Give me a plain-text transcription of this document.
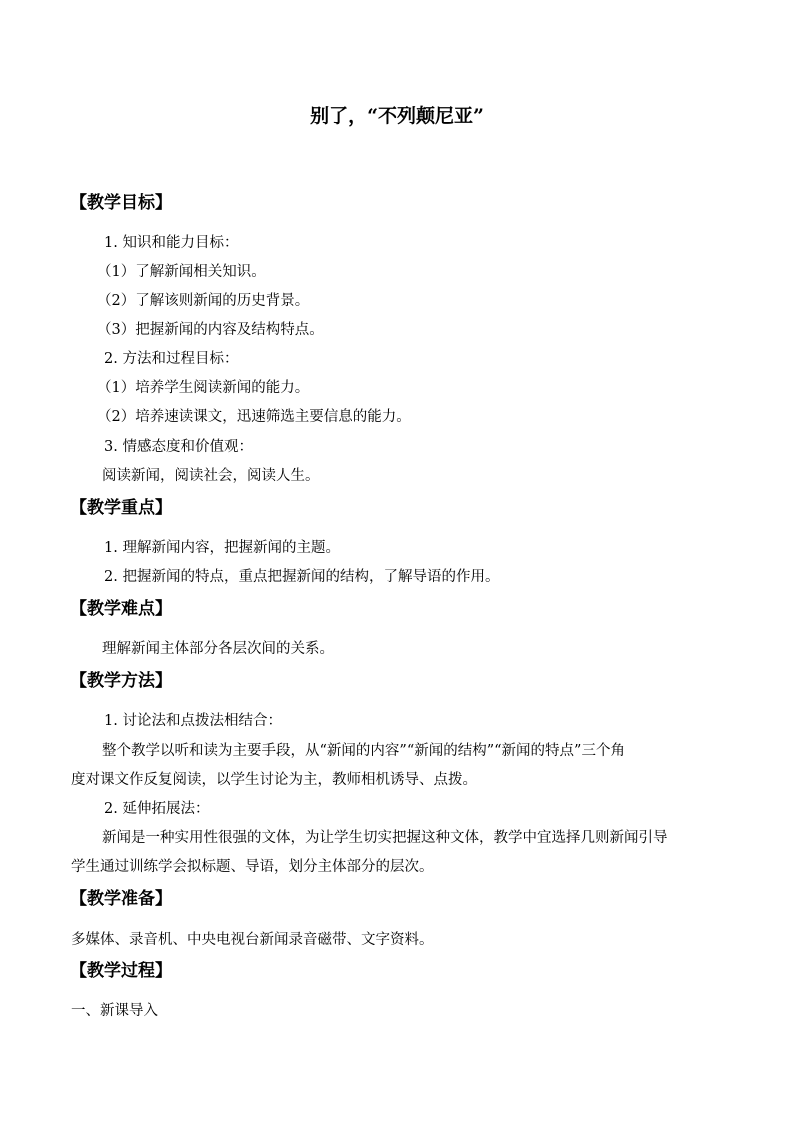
别了，“不列颠尼亚”
【教学目标】
1. 知识和能力目标：
（1）了解新闻相关知识。
（2）了解该则新闻的历史背景。
（3）把握新闻的内容及结构特点。
2. 方法和过程目标：
（1）培养学生阅读新闻的能力。
（2）培养速读课文，迅速筛选主要信息的能力。
3. 情感态度和价值观：
阅读新闻，阅读社会，阅读人生。
【教学重点】
1. 理解新闻内容，把握新闻的主题。
2. 把握新闻的特点，重点把握新闻的结构，了解导语的作用。
【教学难点】
理解新闻主体部分各层次间的关系。
【教学方法】
1. 讨论法和点拨法相结合：
整个教学以听和读为主要手段，从“新闻的内容”“新闻的结构”“新闻的特点”三个角
度对课文作反复阅读，以学生讨论为主，教师相机诱导、点拨。
2. 延伸拓展法：
新闻是一种实用性很强的文体，为让学生切实把握这种文体，教学中宜选择几则新闻引导
学生通过训练学会拟标题、导语，划分主体部分的层次。
【教学准备】
多媒体、录音机、中央电视台新闻录音磁带、文字资料。
【教学过程】
一、新课导入
